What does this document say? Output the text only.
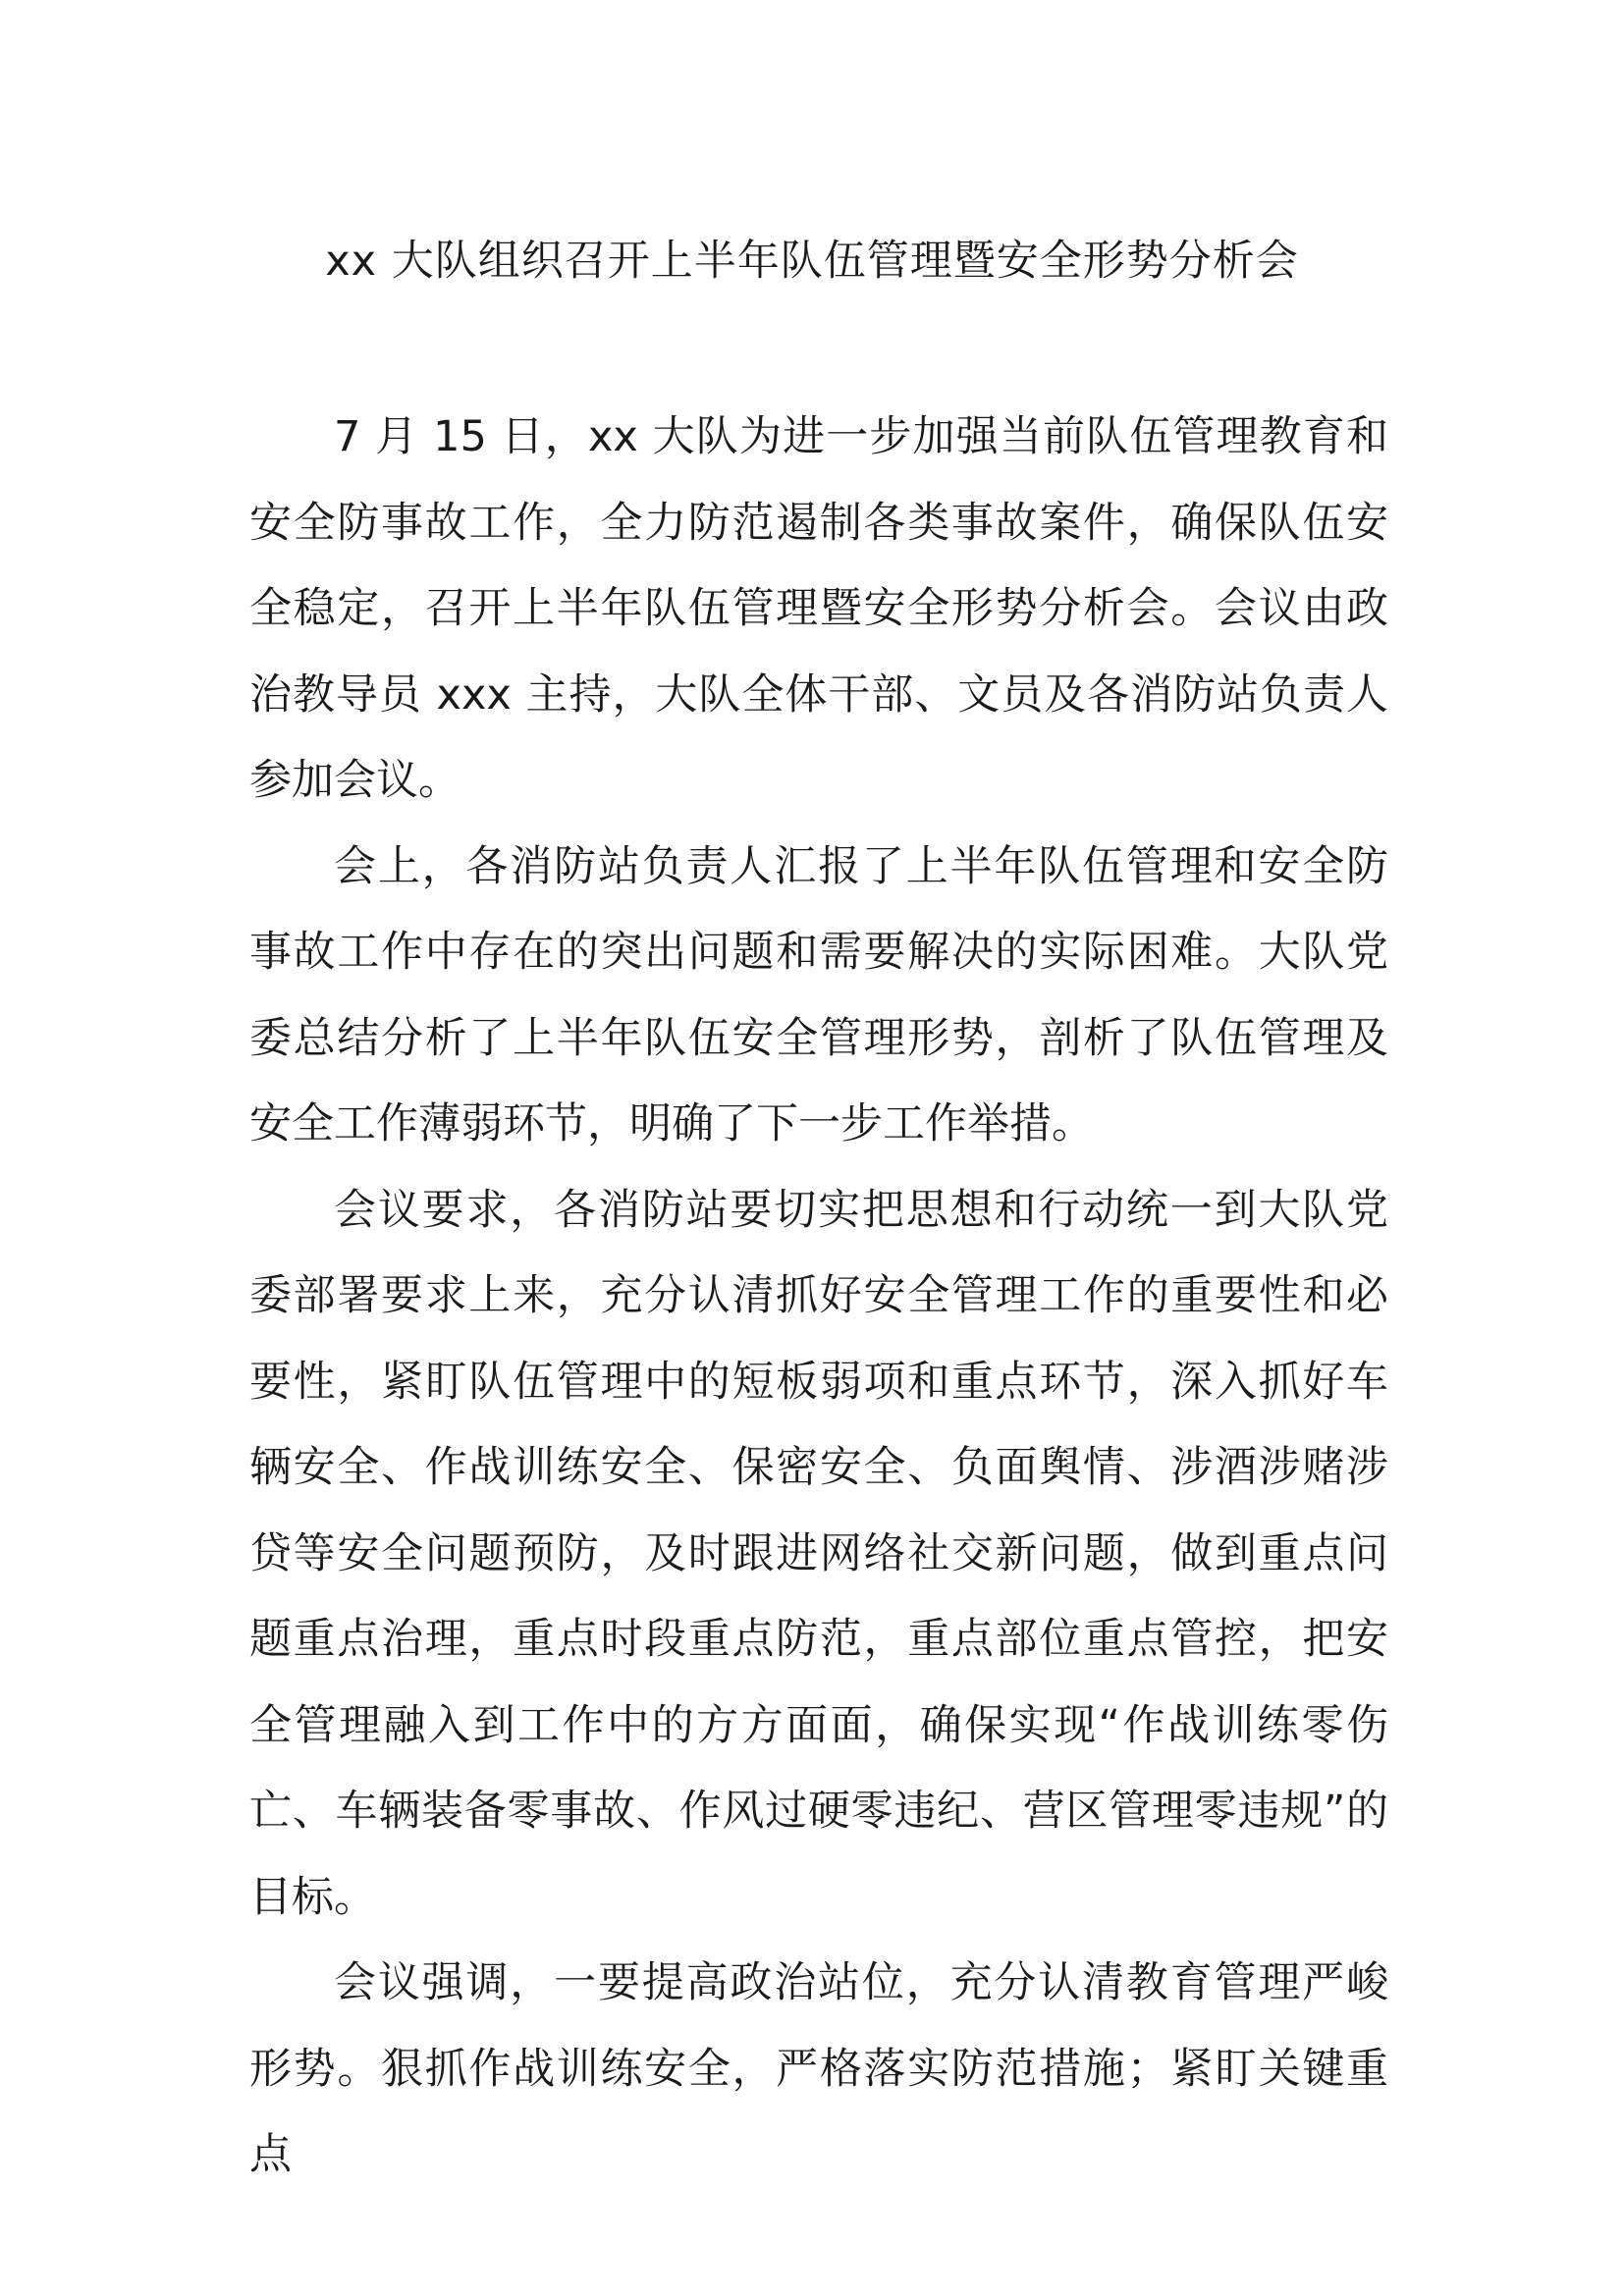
xx 大队组织召开上半年队伍管理暨安全形势分析会

7 月 15 日，xx 大队为进一步加强当前队伍管理教育和安全防事故工作，全力防范遏制各类事故案件，确保队伍安全稳定，召开上半年队伍管理暨安全形势分析会。会议由政治教导员 xxx 主持，大队全体干部、文员及各消防站负责人参加会议。

会上，各消防站负责人汇报了上半年队伍管理和安全防事故工作中存在的突出问题和需要解决的实际困难。大队党委总结分析了上半年队伍安全管理形势，剖析了队伍管理及安全工作薄弱环节，明确了下一步工作举措。

会议要求，各消防站要切实把思想和行动统一到大队党委部署要求上来，充分认清抓好安全管理工作的重要性和必要性，紧盯队伍管理中的短板弱项和重点环节，深入抓好车辆安全、作战训练安全、保密安全、负面舆情、涉酒涉赌涉贷等安全问题预防，及时跟进网络社交新问题，做到重点问题重点治理，重点时段重点防范，重点部位重点管控，把安全管理融入到工作中的方方面面，确保实现“作战训练零伤亡、车辆装备零事故、作风过硬零违纪、营区管理零违规”的目标。

会议强调，一要提高政治站位，充分认清教育管理严峻形势。狠抓作战训练安全，严格落实防范措施；紧盯关键重点
